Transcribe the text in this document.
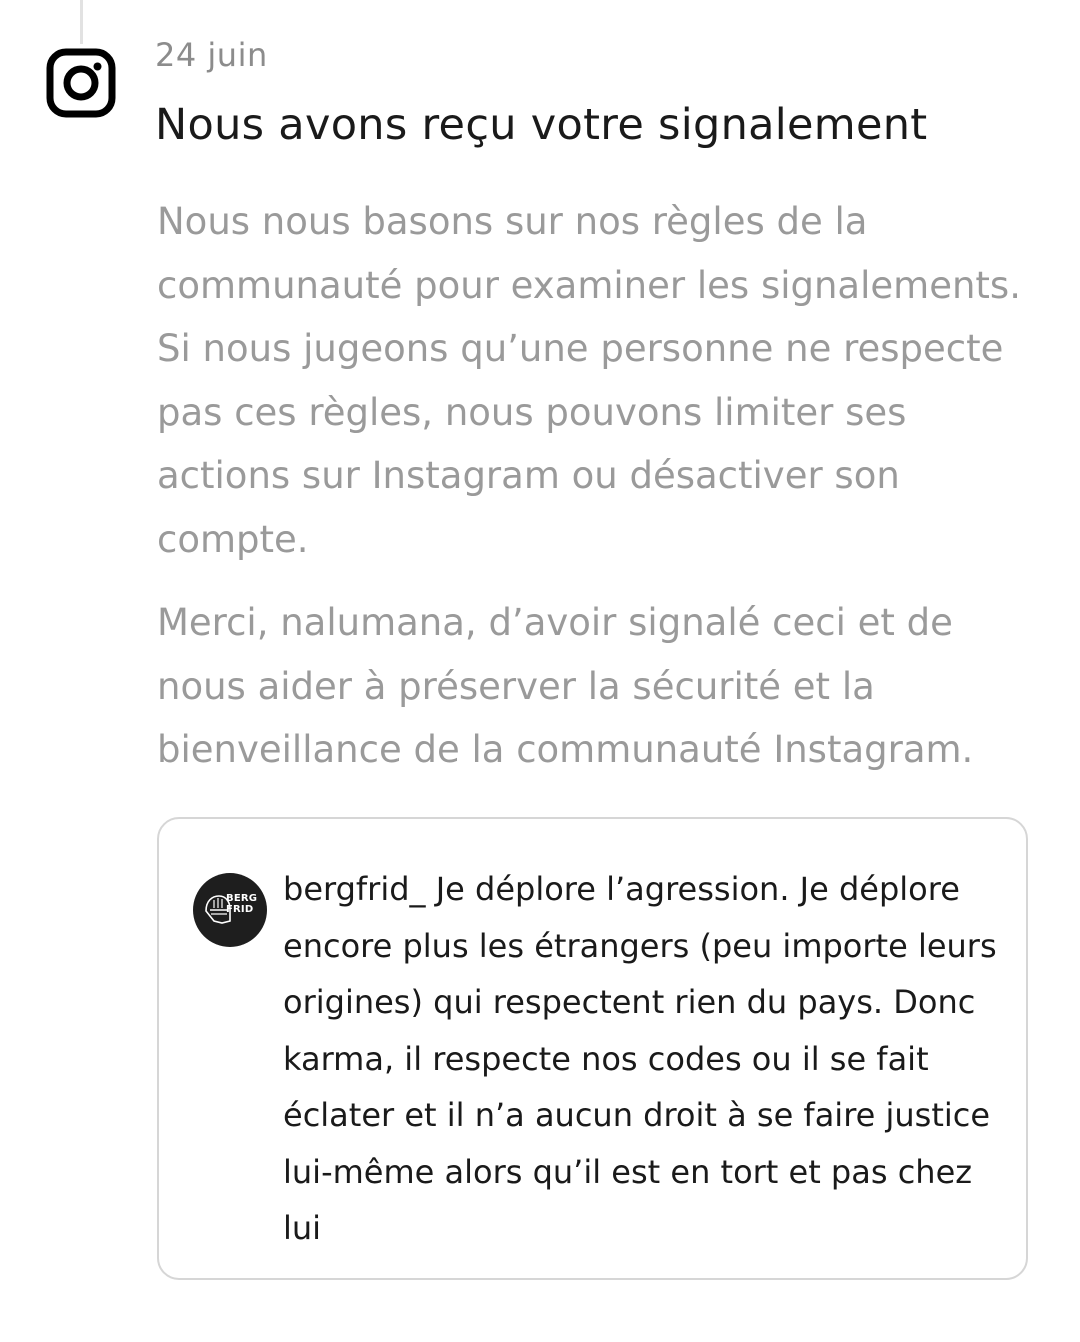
24 juin
Nous avons reçu votre signalement

Nous nous basons sur nos règles de la communauté pour examiner les signalements. Si nous jugeons qu’une personne ne respecte pas ces règles, nous pouvons limiter ses actions sur Instagram ou désactiver son compte.

Merci, nalumana, d’avoir signalé ceci et de nous aider à préserver la sécurité et la bienveillance de la communauté Instagram.

BERG FRID

bergfrid_ Je déplore l’agression. Je déplore encore plus les étrangers (peu importe leurs origines) qui respectent rien du pays. Donc karma, il respecte nos codes ou il se fait éclater et il n’a aucun droit à se faire justice lui-même alors qu’il est en tort et pas chez lui
